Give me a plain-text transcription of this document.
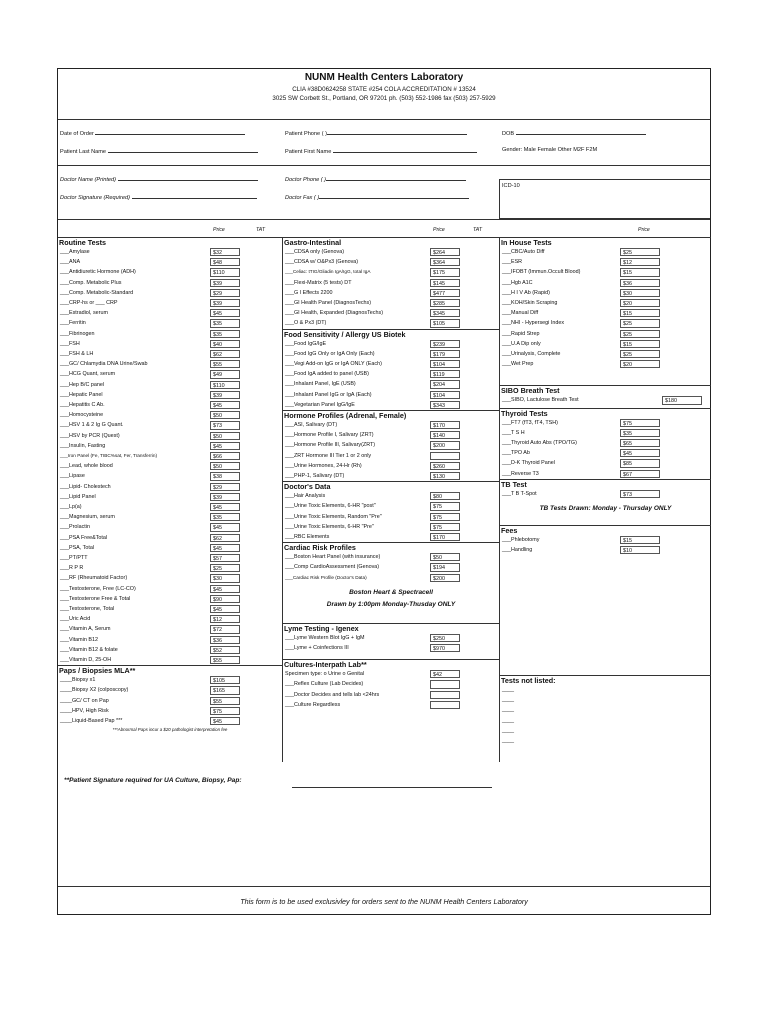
NUNM Health Centers Laboratory
CLIA #38D0624258 STATE #254 COLA ACCREDITATION # 13524
3025 SW Corbett St., Portland, OR 97201 ph. (503) 552-1986 fax (503) 257-5929
Date of Order	Patient Phone ( )	DOB
Patient Last Name	Patient First Name	Gender: Male Female Other M2F F2M
Doctor Name (Printed)	Doctor Phone ( )
ICD-10
Doctor Signature (Required)	Doctor Fax ( )
Price	TAT	Price	TAT	Price
Routine Tests
___Amylase	$32
___ANA	$48
___Antidiuretic Hormone (ADH)	$110
___Comp. Metabolic Plus	$39
___Comp. Metabolic-Standard	$29
___CRP-hs or ___ CRP	$39
___Estradiol, serum	$45
___Ferritin	$35
___Fibrinogen	$35
___FSH	$40
___FSH & LH	$62
___GC/ Chlamydia DNA Urine/Swab	$55
___HCG Quant, serum	$49
___Hep B/C panel	$110
___Hepatic Panel	$39
___Hepatitis C Ab.	$45
___Homocysteine	$50
___HSV 1 & 2 Ig G Quant.	$73
___HSV by PCR (Quest)	$50
___Insulin, Fasting	$45
___Iron Panel (Fe, TIBC%sat, Fer, Transferrin)	$66
___Lead, whole blood	$50
___Lipase	$38
___Lipid- Cholestech	$29
___Lipid Panel	$39
___Lp(a)	$45
___Magnesium, serum	$35
___Prolactin	$45
___PSA Free&Total	$62
___PSA, Total	$45
___PT/PTT	$57
___R P R	$25
___RF (Rheumatoid Factor)	$30
___Testosterone, Free (LC-CO)	$45
___Testosterone Free & Total	$90
___Testosterone, Total	$45
___Uric Acid	$12
___Vitamin A, Serum	$72
___Vitamin B12	$36
___Vitamin B12 & folate	$52
___Vitamin D, 25-OH	$55
Paps / Biopsies MLA**
____Biopsy x1	$105
____Biopsy X2 (colposcopy)	$165
____GC/ CT on Pap	$55
____HPV, High Risk	$75
____Liquid-Based Pap ***	$45
***Abnormal Paps incur a $20 pathologist interpretation fee
Gastro-Intestinal
___CDSA only (Genova)	$264
___CDSA w/ O&Px3 (Genova)	$364
___Celiac: tTIG/Gliadin IgA/IgG, total IgA	$175
___Flexi-Matrix (5 tests) DT	$145
___G I Effects 2200	$477
___GI Health Panel (DiagnosTechs)	$285
___GI Health, Expanded (DiagnosTechs)	$345
___O & Px3 (DT)	$105
Food Sensitivity / Allergy US Biotek
___Food IgG/IgE	$239
___Food IgG Only or IgA Only (Each)	$179
___Vegi Add-on IgG or IgA ONLY (Each)	$104
___Food IgA added to panel (USB)	$119
___Inhalant Panel, IgE (USB)	$204
___Inhalant Panel IgG or IgA (Each)	$104
___Vegetarian Panel IgG/IgE	$343
Hormone Profiles (Adrenal, Female)
___ASI, Salivary (DT)	$170
___Hormone Profile I, Salivary (ZRT)	$140
___Hormone Profile III, Salivary(ZRT)	$200
___ZRT Hormone III Tier 1 or 2 only
___Urine Hormones, 24-Hr (Rh)	$260
___PHP-1, Salivary (DT)	$130
Doctor's Data
___Hair Analysis	$80
___Urine Toxic Elements, 6-HR "post"	$75
___Urine Toxic Elements, Random "Pre"	$75
___Urine Toxic Elements, 6-HR "Pre"	$75
___RBC Elements	$170
Cardiac Risk Profiles
___Boston Heart Panel (with insurance)	$50
___Comp CardioAssessment (Genova)	$194
___Cardiac Risk Profile (Doctor's Data)	$200
Boston Heart & Spectracell
Drawn by 1:00pm Monday-Thusday ONLY
Lyme Testing - Igenex
___Lyme Western Blot IgG + IgM	$250
___Lyme + Coinfections III	$970
Cultures-Interpath Lab**
Specimen type: o Urine o Genital	$42
___Reflex Culture (Lab Decides)
___Doctor Decides and tells lab <24hrs
___Culture Regardless
In House Tests
___CBC/Auto Diff	$25
___ESR	$12
___IFOBT (Immun.Occult Blood)	$15
___Hgb A1C	$36
___H I V Ab (Rapid)	$30
___KOH/Skin Scraping	$20
___Manual Diff	$15
___NHI - Hypersegi Index	$25
___Rapid Strep	$25
___U.A Dip only	$15
___Urinalysis, Complete	$25
___Wet Prep	$20
SIBO Breath Test
___SIBO, Lactulose Breath Test	$180
Thyroid Tests
___FT7 (fT3, fT4, TSH)	$75
___T S H	$35
___Thyroid Auto Abs (TPO/TG)	$65
___TPO Ab	$45
___D-K Thyroid Panel	$85
___Reverse T3	$67
TB Test
___T B T-Spot	$73
TB Tests Drawn: Monday - Thursday ONLY
Fees
___Phlebotomy	$15
___Handling	$10
Tests not listed:
____
____
____
____
____
____
**Patient Signature required for UA Culture, Biopsy, Pap:
This form is to be used exclusivley for orders sent to the NUNM Health Centers Laboratory
